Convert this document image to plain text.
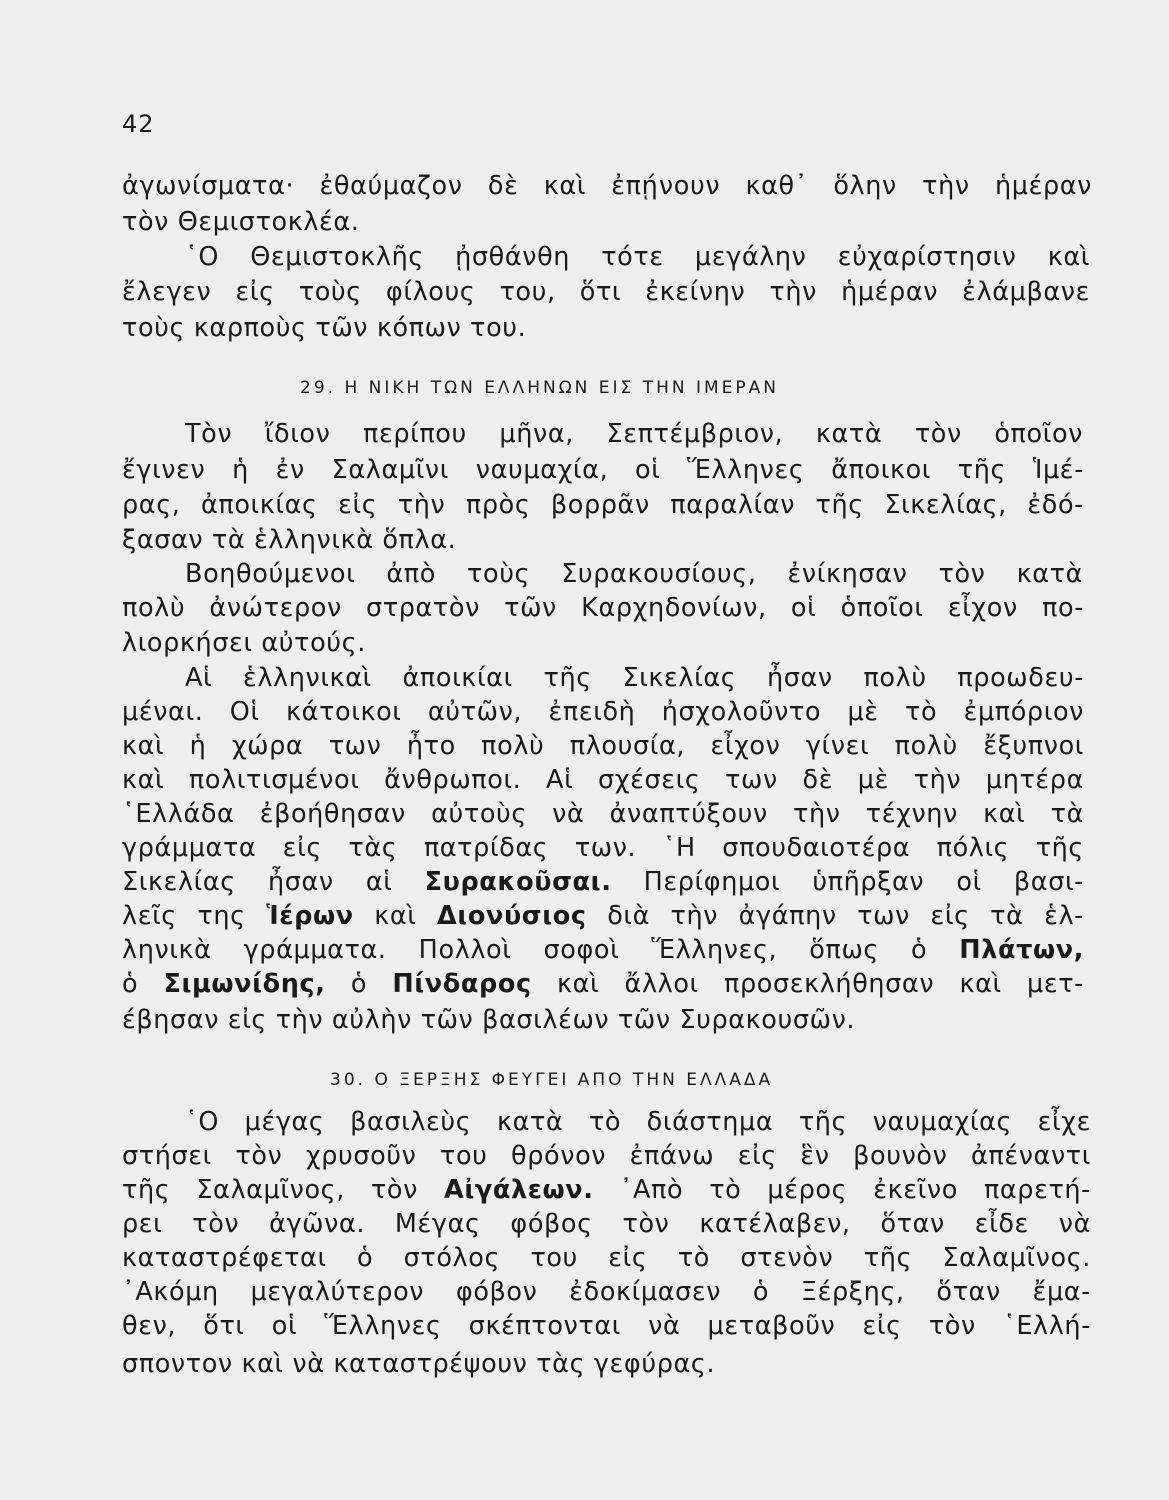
42
ἀγωνίσματα· ἐθαύμαζον δὲ καὶ ἐπῄνουν καθ᾿ ὅλην τὴν ἡμέραν
τὸν Θεμιστοκλέα.
῾Ο Θεμιστοκλῆς ᾐσθάνθη τότε μεγάλην εὐχαρίστησιν καὶ
ἔλεγεν εἰς τοὺς φίλους του, ὅτι ἐκείνην τὴν ἡμέραν ἐλάμβανε
τοὺς καρποὺς τῶν κόπων του.
29. Η ΝΙΚΗ ΤΩΝ ΕΛΛΗΝΩΝ ΕΙΣ ΤΗΝ ΙΜΕΡΑΝ
Τὸν ἴδιον περίπου μῆνα, Σεπτέμβριον, κατὰ τὸν ὁποῖον
ἔγινεν ἡ ἐν Σαλαμῖνι ναυμαχία, οἱ Ἕλληνες ἄποικοι τῆς Ἱμέ-
ρας, ἀποικίας εἰς τὴν πρὸς βορρᾶν παραλίαν τῆς Σικελίας, ἐδό-
ξασαν τὰ ἑλληνικὰ ὅπλα.
Βοηθούμενοι ἀπὸ τοὺς Συρακουσίους, ἐνίκησαν τὸν κατὰ
πολὺ ἀνώτερον στρατὸν τῶν Καρχηδονίων, οἱ ὁποῖοι εἶχον πο-
λιορκήσει αὐτούς.
Αἱ ἑλληνικαὶ ἀποικίαι τῆς Σικελίας ἦσαν πολὺ προωδευ-
μέναι. Οἱ κάτοικοι αὐτῶν, ἐπειδὴ ἠσχολοῦντο μὲ τὸ ἐμπόριον
καὶ ἡ χώρα των ἦτο πολὺ πλουσία, εἶχον γίνει πολὺ ἔξυπνοι
καὶ πολιτισμένοι ἄνθρωποι. Αἱ σχέσεις των δὲ μὲ τὴν μητέρα
῾Ελλάδα ἐβοήθησαν αὐτοὺς νὰ ἀναπτύξουν τὴν τέχνην καὶ τὰ
γράμματα εἰς τὰς πατρίδας των. ῾Η σπουδαιοτέρα πόλις τῆς
Σικελίας ἦσαν αἱ Συρακοῦσαι. Περίφημοι ὑπῆρξαν οἱ βασι-
λεῖς της Ἱέρων καὶ Διονύσιος διὰ τὴν ἀγάπην των εἰς τὰ ἑλ-
ληνικὰ γράμματα. Πολλοὶ σοφοὶ Ἕλληνες, ὅπως ὁ Πλάτων,
ὁ Σιμωνίδης, ὁ Πίνδαρος καὶ ἄλλοι προσεκλήθησαν καὶ μετ-
έβησαν εἰς τὴν αὐλὴν τῶν βασιλέων τῶν Συρακουσῶν.
30. Ο ΞΕΡΞΗΣ ΦΕΥΓΕΙ ΑΠΟ ΤΗΝ ΕΛΛΑΔΑ
῾Ο μέγας βασιλεὺς κατὰ τὸ διάστημα τῆς ναυμαχίας εἶχε
στήσει τὸν χρυσοῦν του θρόνον ἐπάνω εἰς ἓν βουνὸν ἀπέναντι
τῆς Σαλαμῖνος, τὸν Αἰγάλεων. ᾿Απὸ τὸ μέρος ἐκεῖνο παρετή-
ρει τὸν ἀγῶνα. Μέγας φόβος τὸν κατέλαβεν, ὅταν εἶδε νὰ
καταστρέφεται ὁ στόλος του εἰς τὸ στενὸν τῆς Σαλαμῖνος.
᾿Ακόμη μεγαλύτερον φόβον ἐδοκίμασεν ὁ Ξέρξης, ὅταν ἔμα-
θεν, ὅτι οἱ Ἕλληνες σκέπτονται νὰ μεταβοῦν εἰς τὸν ῾Ελλή-
σποντον καὶ νὰ καταστρέψουν τὰς γεφύρας.
